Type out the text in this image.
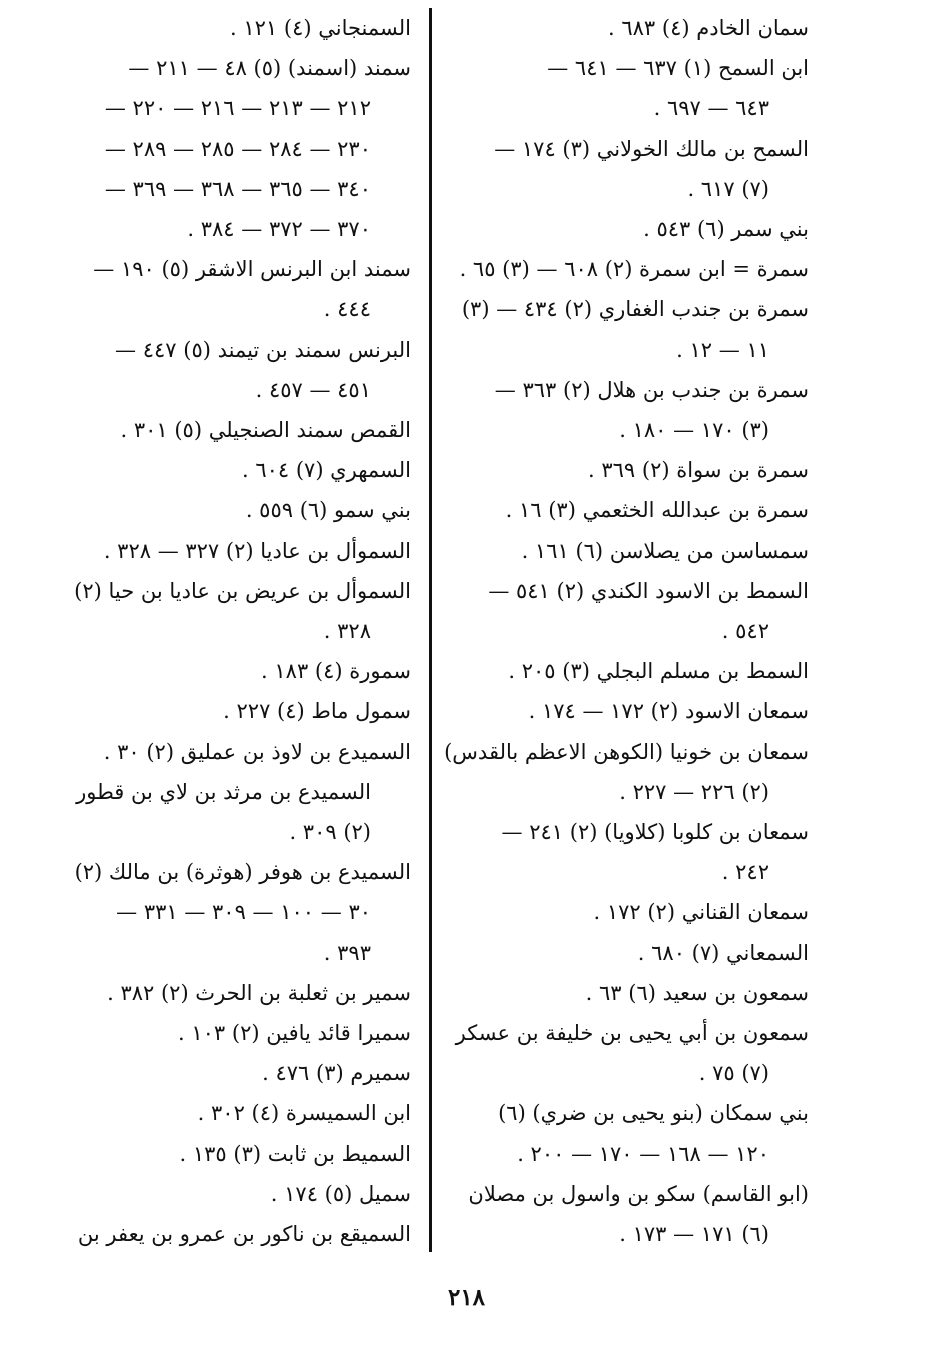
سمان الخادم (٤) ٦٨٣ .
ابن السمح (١) ٦٣٧ — ٦٤١ —
٦٤٣ — ٦٩٧ .
السمح بن مالك الخولاني (٣) ١٧٤ —
(٧) ٦١٧ .
بني سمر (٦) ٥٤٣ .
سمرة = ابن سمرة (٢) ٦٠٨ — (٣) ٦٥ .
سمرة بن جندب الغفاري (٢) ٤٣٤ — (٣)
١١ — ١٢ .
سمرة بن جندب بن هلال (٢) ٣٦٣ —
(٣) ١٧٠ — ١٨٠ .
سمرة بن سواة (٢) ٣٦٩ .
سمرة بن عبدالله الخثعمي (٣) ١٦ .
سمساسن من يصلاسن (٦) ١٦١ .
السمط بن الاسود الكندي (٢) ٥٤١ —
٥٤٢ .
السمط بن مسلم البجلي (٣) ٢٠٥ .
سمعان الاسود (٢) ١٧٢ — ١٧٤ .
سمعان بن خونيا (الكوهن الاعظم بالقدس)
(٢) ٢٢٦ — ٢٢٧ .
سمعان بن كلوبا (كلاويا) (٢) ٢٤١ —
٢٤٢ .
سمعان القناني (٢) ١٧٢ .
السمعاني (٧) ٦٨٠ .
سمعون بن سعيد (٦) ٦٣ .
سمعون بن أبي يحيى بن خليفة بن عسكر
(٧) ٧٥ .
بني سمكان (بنو يحيى بن ضري) (٦)
١٢٠ — ١٦٨ — ١٧٠ — ٢٠٠ .
(ابو القاسم) سكو بن واسول بن مصلان
(٦) ١٧١ — ١٧٣ .
السمنجاني (٤) ١٢١ .
سمند (اسمند) (٥) ٤٨ — ٢١١ —
٢١٢ — ٢١٣ — ٢١٦ — ٢٢٠ —
٢٣٠ — ٢٨٤ — ٢٨٥ — ٢٨٩ —
٣٤٠ — ٣٦٥ — ٣٦٨ — ٣٦٩ —
٣٧٠ — ٣٧٢ — ٣٨٤ .
سمند ابن البرنس الاشقر (٥) ١٩٠ —
٤٤٤ .
البرنس سمند بن تيمند (٥) ٤٤٧ —
٤٥١ — ٤٥٧ .
القمص سمند الصنجيلي (٥) ٣٠١ .
السمهري (٧) ٦٠٤ .
بني سمو (٦) ٥٥٩ .
السموأل بن عاديا (٢) ٣٢٧ — ٣٢٨ .
السموأل بن عريض بن عاديا بن حيا (٢)
٣٢٨ .
سمورة (٤) ١٨٣ .
سمول ماط (٤) ٢٢٧ .
السميدع بن لاوذ بن عمليق (٢) ٣٠ .
السميدع بن مرثد بن لاي بن قطور
(٢) ٣٠٩ .
السميدع بن هوفر (هوثرة) بن مالك (٢)
٣٠ — ١٠٠ — ٣٠٩ — ٣٣١ —
٣٩٣ .
سمير بن ثعلبة بن الحرث (٢) ٣٨٢ .
سميرا قائد يافين (٢) ١٠٣ .
سميرم (٣) ٤٧٦ .
ابن السميسرة (٤) ٣٠٢ .
السميط بن ثابت (٣) ١٣٥ .
سميل (٥) ١٧٤ .
السميقع بن ناكور بن عمرو بن يعفر بن
٢١٨
